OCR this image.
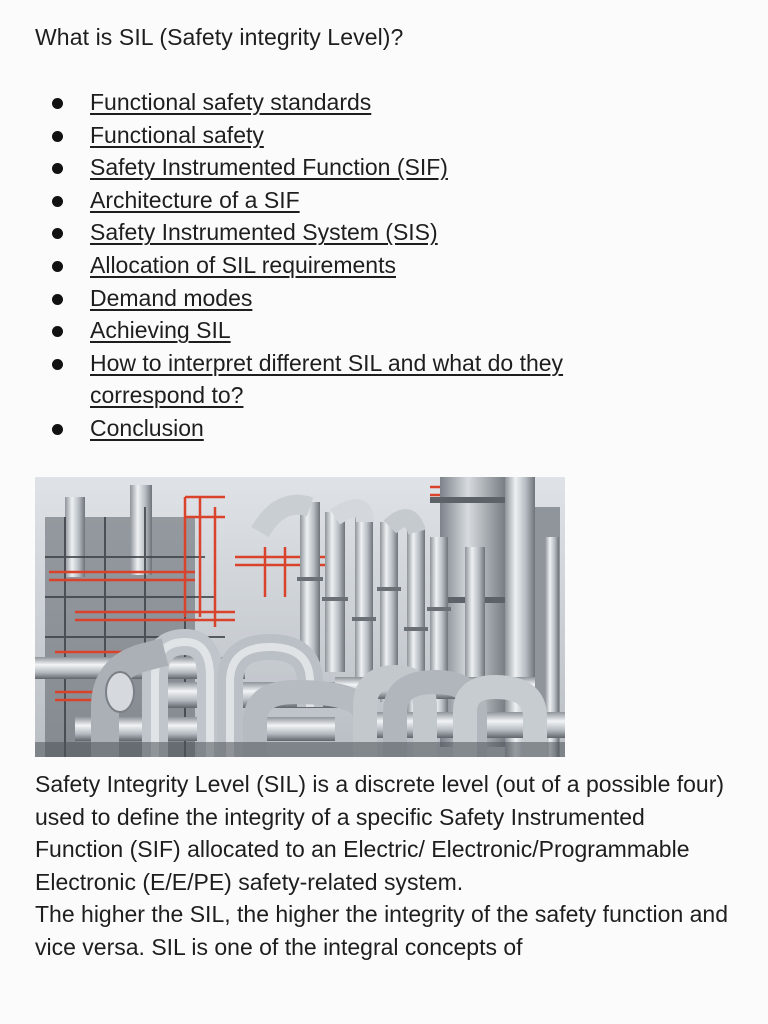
What is SIL (Safety integrity Level)?
Functional safety standards
Functional safety
Safety Instrumented Function (SIF)
Architecture of a SIF
Safety Instrumented System (SIS)
Allocation of SIL requirements
Demand modes
Achieving SIL
How to interpret different SIL and what do they correspond to?
Conclusion

Safety Integrity Level (SIL) is a discrete level (out of a possible four) used to define the integrity of a specific Safety Instrumented Function (SIF) allocated to an Electric/ Electronic/Programmable Electronic (E/E/PE) safety-related system.

The higher the SIL, the higher the integrity of the safety function and vice versa. SIL is one of the integral concepts of
